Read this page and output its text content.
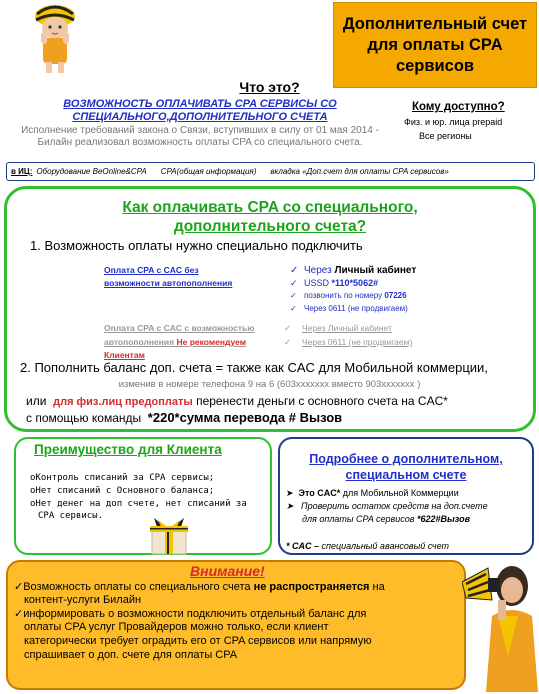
Дополнительный счет для оплаты CPA сервисов
Что это?
ВОЗМОЖНОСТЬ ОПЛАЧИВАТЬ CPA СЕРВИСЫ СО
СПЕЦИАЛЬНОГО,ДОПОЛНИТЕЛЬНОГО СЧЕТА
Исполнение требований закона о Связи, вступивших в силу от 01 мая 2014 - Билайн реализовал возможность оплаты CPA со специального счета.
Кому доступно?
Физ. и юр. лица prepaid
Все регионы
в ИЦ: Оборудование BeOnline&CPA CPA(общая информация) вкладка «Доп.счет для оплаты CPA сервисов»
Как оплачивать CPA со специального,
дополнительного счета?
1. Возможность оплаты нужно специально подключить
Оплата CPA с CAC без
возможности автопополнения
✓ Через Личный кабинет
✓ USSD *110*5062#
✓ позвонить по номеру 07226
✓ Через 0611 (не продвигаем)
Оплата CPA с CAC с возможностью
автопополнения Не рекомендуем
Клиентам
✓ Через Личный кабинет
✓ Через 0611 (не продвигаем)
2. Пополнить баланс доп. счета = также как CAC для Мобильной коммерции,
изменив в номере телефона 9 на 6 (603xxxxxxx вместо 903xxxxxxx )
или для физ.лиц предоплаты перенести деньги с основного счета на CAC*
с помощью команды *220*сумма перевода # Вызов
Преимущество для Клиента
оКонтроль списаний за CPA сервисы;
оНет списаний с Основного баланса;
оНет денег на доп счете, нет списаний за
CPA сервисы.
Подробнее о дополнительном,
специальном счете
➤  Это CAC* для Мобильной Коммерции
➤   Проверить остаток средств на доп.счете
для оплаты CPA сервисов *622#Вызов
* CAC – специальный авансовый счет
Внимание!
✓Возможность оплаты со специального счета не распространяется на
контент-услуги Билайн
✓информировать о возможности подключить отдельный баланс для
оплаты CPA услуг Провайдеров можно только, если клиент
категорически требует оградить его от CPA сервисов или напрямую
спрашивает о доп. счете для оплаты CPA
